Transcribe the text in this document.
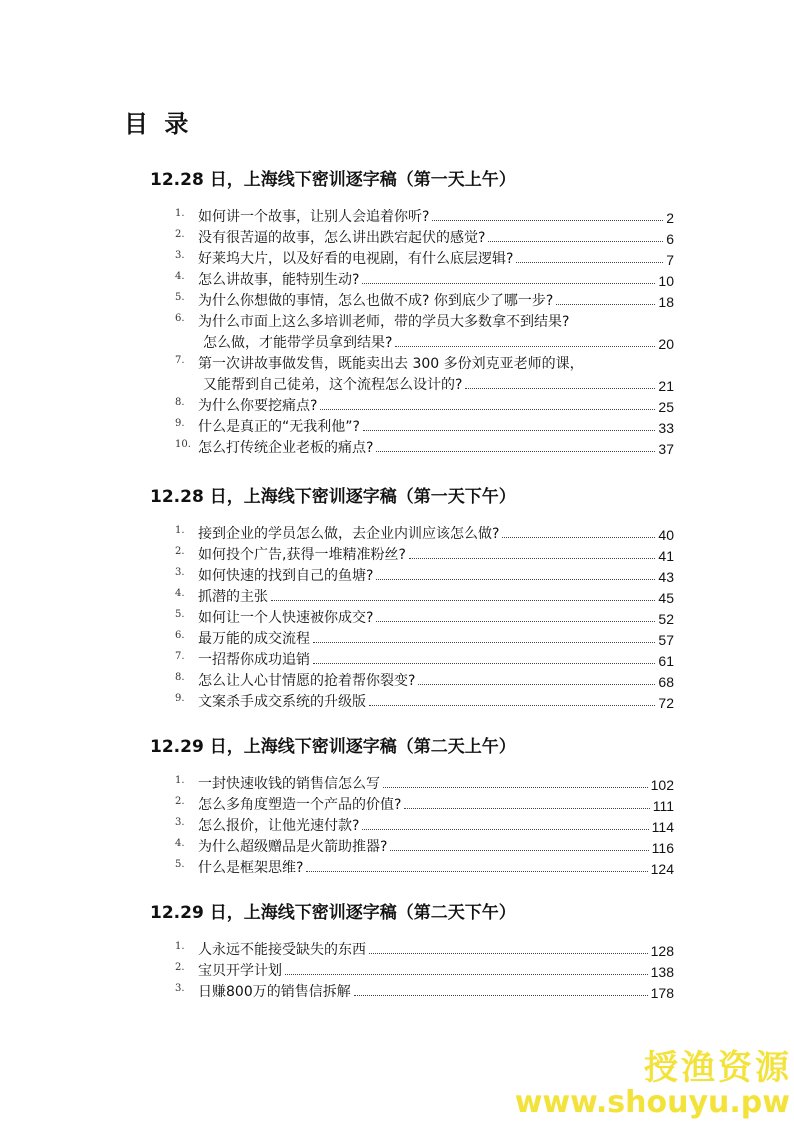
目 录
12.28 日，上海线下密训逐字稿（第一天上午）
1. 如何讲一个故事，让别人会追着你听?	2
2. 没有很苦逼的故事，怎么讲出跌宕起伏的感觉?	6
3. 好莱坞大片，以及好看的电视剧，有什么底层逻辑?	7
4. 怎么讲故事，能特别生动?	10
5. 为什么你想做的事情，怎么也做不成? 你到底少了哪一步?	18
6. 为什么市面上这么多培训老师，带的学员大多数拿不到结果?
怎么做，才能带学员拿到结果?	20
7. 第一次讲故事做发售，既能卖出去 300 多份刘克亚老师的课，
又能帮到自己徒弟，这个流程怎么设计的?	21
8. 为什么你要挖痛点?	25
9. 什么是真正的“无我利他”?	33
10. 怎么打传统企业老板的痛点?	37
12.28 日，上海线下密训逐字稿（第一天下午）
1. 接到企业的学员怎么做，去企业内训应该怎么做?	40
2. 如何投个广告,获得一堆精准粉丝?	41
3. 如何快速的找到自己的鱼塘?	43
4. 抓潜的主张	45
5. 如何让一个人快速被你成交?	52
6. 最万能的成交流程	57
7. 一招帮你成功追销	61
8. 怎么让人心甘情愿的抢着帮你裂变?	68
9. 文案杀手成交系统的升级版	72
12.29 日，上海线下密训逐字稿（第二天上午）
1. 一封快速收钱的销售信怎么写	102
2. 怎么多角度塑造一个产品的价值?	111
3. 怎么报价，让他光速付款?	114
4. 为什么超级赠品是火箭助推器?	116
5. 什么是框架思维?	124
12.29 日，上海线下密训逐字稿（第二天下午）
1. 人永远不能接受缺失的东西	128
2. 宝贝开学计划	138
3. 日赚800万的销售信拆解	178
授渔资源
www.shouyu.pw
